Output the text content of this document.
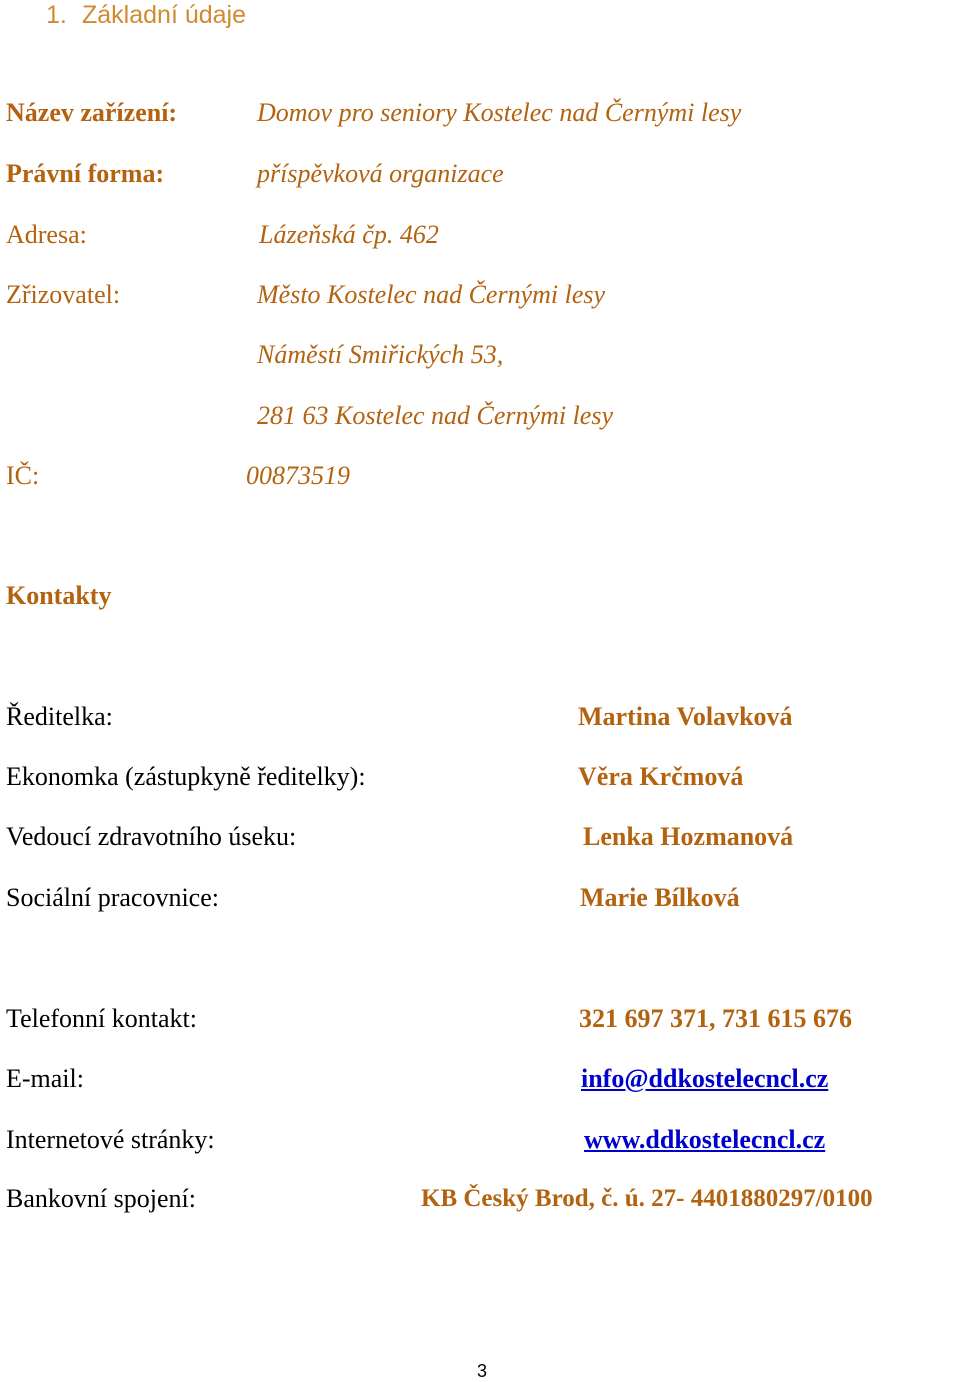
1. Základní údaje
Název zařízení:	Domov pro seniory Kostelec nad Černými lesy
Právní forma:	příspěvková organizace
Adresa:	Lázeňská čp. 462
Zřizovatel:	Město Kostelec nad Černými lesy
Náměstí Smiřických 53,
281 63 Kostelec nad Černými lesy
IČ:	00873519
Kontakty
Ředitelka:	Martina Volavková
Ekonomka (zástupkyně ředitelky):	Věra Krčmová
Vedoucí zdravotního úseku:	Lenka Hozmanová
Sociální pracovnice:	Marie Bílková
Telefonní kontakt:	321 697 371, 731 615 676
E-mail:	info@ddkostelecncl.cz
Internetové stránky:	www.ddkostelecncl.cz
Bankovní spojení:	KB Český Brod, č. ú. 27- 4401880297/0100
3
